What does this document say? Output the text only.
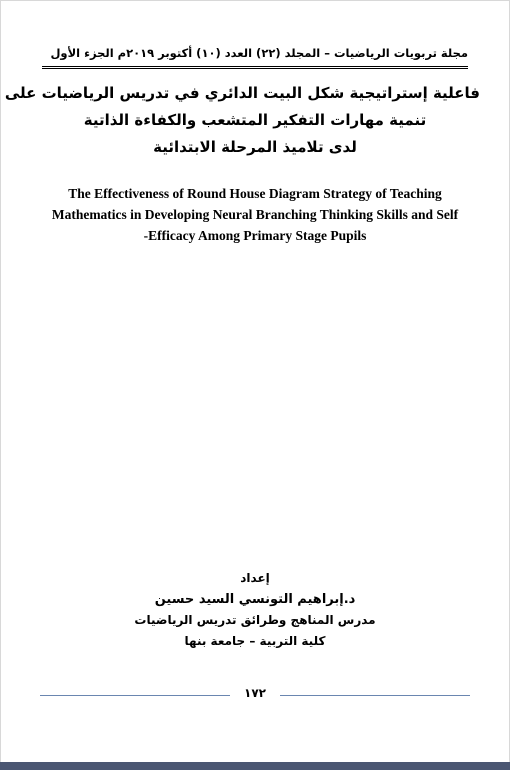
مجلة تربويات الرياضيات – المجلد (٢٢) العدد (١٠) أكتوبر ٢٠١٩م الجزء الأول
فاعلية إستراتيجية شكل البيت الدائري في تدريس الرياضيات على
تنمية مهارات التفكير المتشعب والكفاءة الذاتية
لدى تلاميذ المرحلة الابتدائية
The Effectiveness of Round House Diagram Strategy of Teaching
Mathematics in Developing Neural Branching Thinking Skills and Self
-Efficacy Among Primary Stage Pupils
إعداد
د.إبراهيم التونسي السيد حسين
مدرس المناهج وطرائق تدريس الرياضيات
كلية التربية – جامعة بنها
١٧٢
